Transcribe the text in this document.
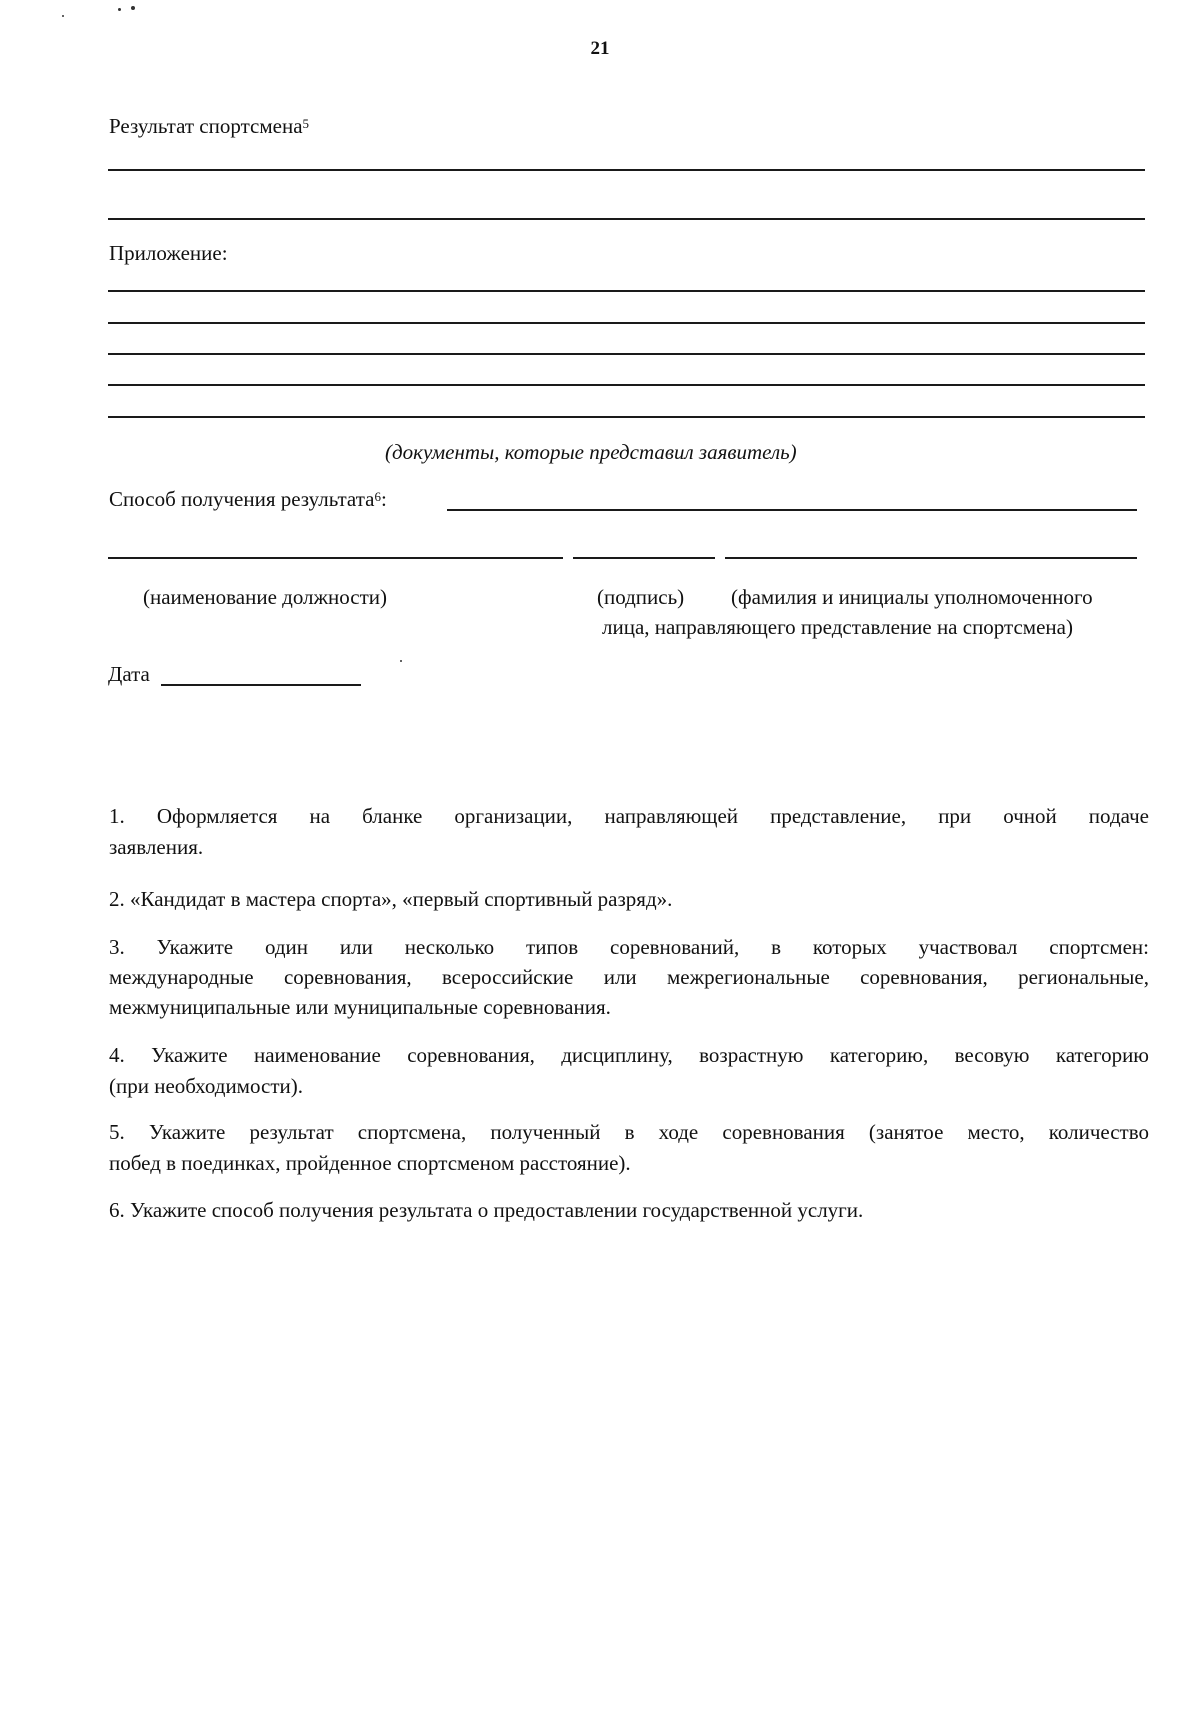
21
Результат спортсмена$^5$
Приложение:
(документы, которые представил заявитель)
Способ получения результата$^6$:
(наименование должности)	(подпись) (фамилия и инициалы уполномоченного
лица, направляющего представление на спортсмена)
Дата
1. Оформляется на бланке организации, направляющей представление, при очной подаче
заявления.
2. «Кандидат в мастера спорта», «первый спортивный разряд».
3. Укажите один или несколько типов соревнований, в которых участвовал спортсмен:
международные соревнования, всероссийские или межрегиональные соревнования, региональные,
межмуниципальные или муниципальные соревнования.
4. Укажите наименование соревнования, дисциплину, возрастную категорию, весовую категорию
(при необходимости).
5. Укажите результат спортсмена, полученный в ходе соревнования (занятое место, количество
побед в поединках, пройденное спортсменом расстояние).
6. Укажите способ получения результата о предоставлении государственной услуги.
